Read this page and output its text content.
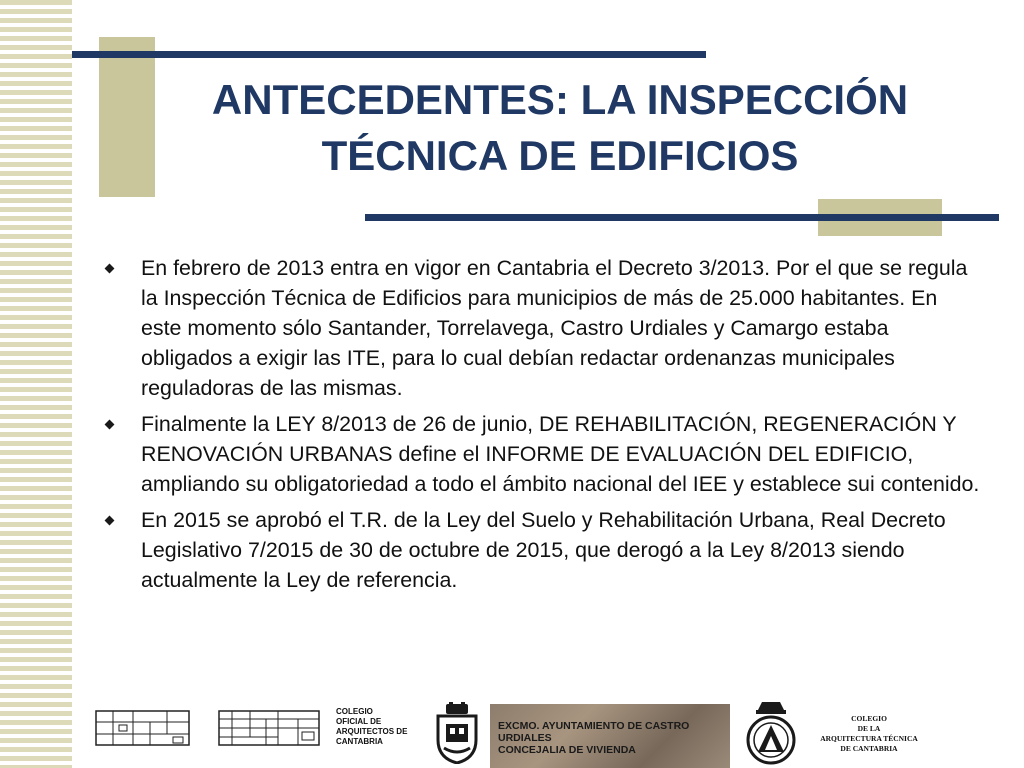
ANTECEDENTES: LA INSPECCIÓN
TÉCNICA DE EDIFICIOS
En febrero de 2013 entra en vigor en Cantabria el Decreto 3/2013. Por el que se regula la Inspección Técnica de Edificios para municipios de más de 25.000 habitantes. En este momento sólo Santander, Torrelavega, Castro Urdiales y Camargo estaba obligados a exigir las ITE, para lo cual debían redactar ordenanzas municipales reguladoras de las mismas.
Finalmente la LEY 8/2013 de 26 de junio, DE REHABILITACIÓN, REGENERACIÓN Y RENOVACIÓN URBANAS define el INFORME DE EVALUACIÓN DEL EDIFICIO, ampliando su obligatoriedad a todo el ámbito nacional del IEE y establece sui contenido.
En 2015 se aprobó el T.R. de la Ley del Suelo y Rehabilitación Urbana, Real Decreto Legislativo 7/2015 de 30 de octubre de 2015, que derogó a la Ley 8/2013 siendo actualmente la Ley de referencia.

COLEGIO
OFICIAL DE
ARQUITECTOS DE
CANTABRIA

EXCMO. AYUNTAMIENTO DE CASTRO URDIALES
CONCEJALIA DE VIVIENDA

COLEGIO
DE LA
ARQUITECTURA TÉCNICA
DE CANTABRIA
